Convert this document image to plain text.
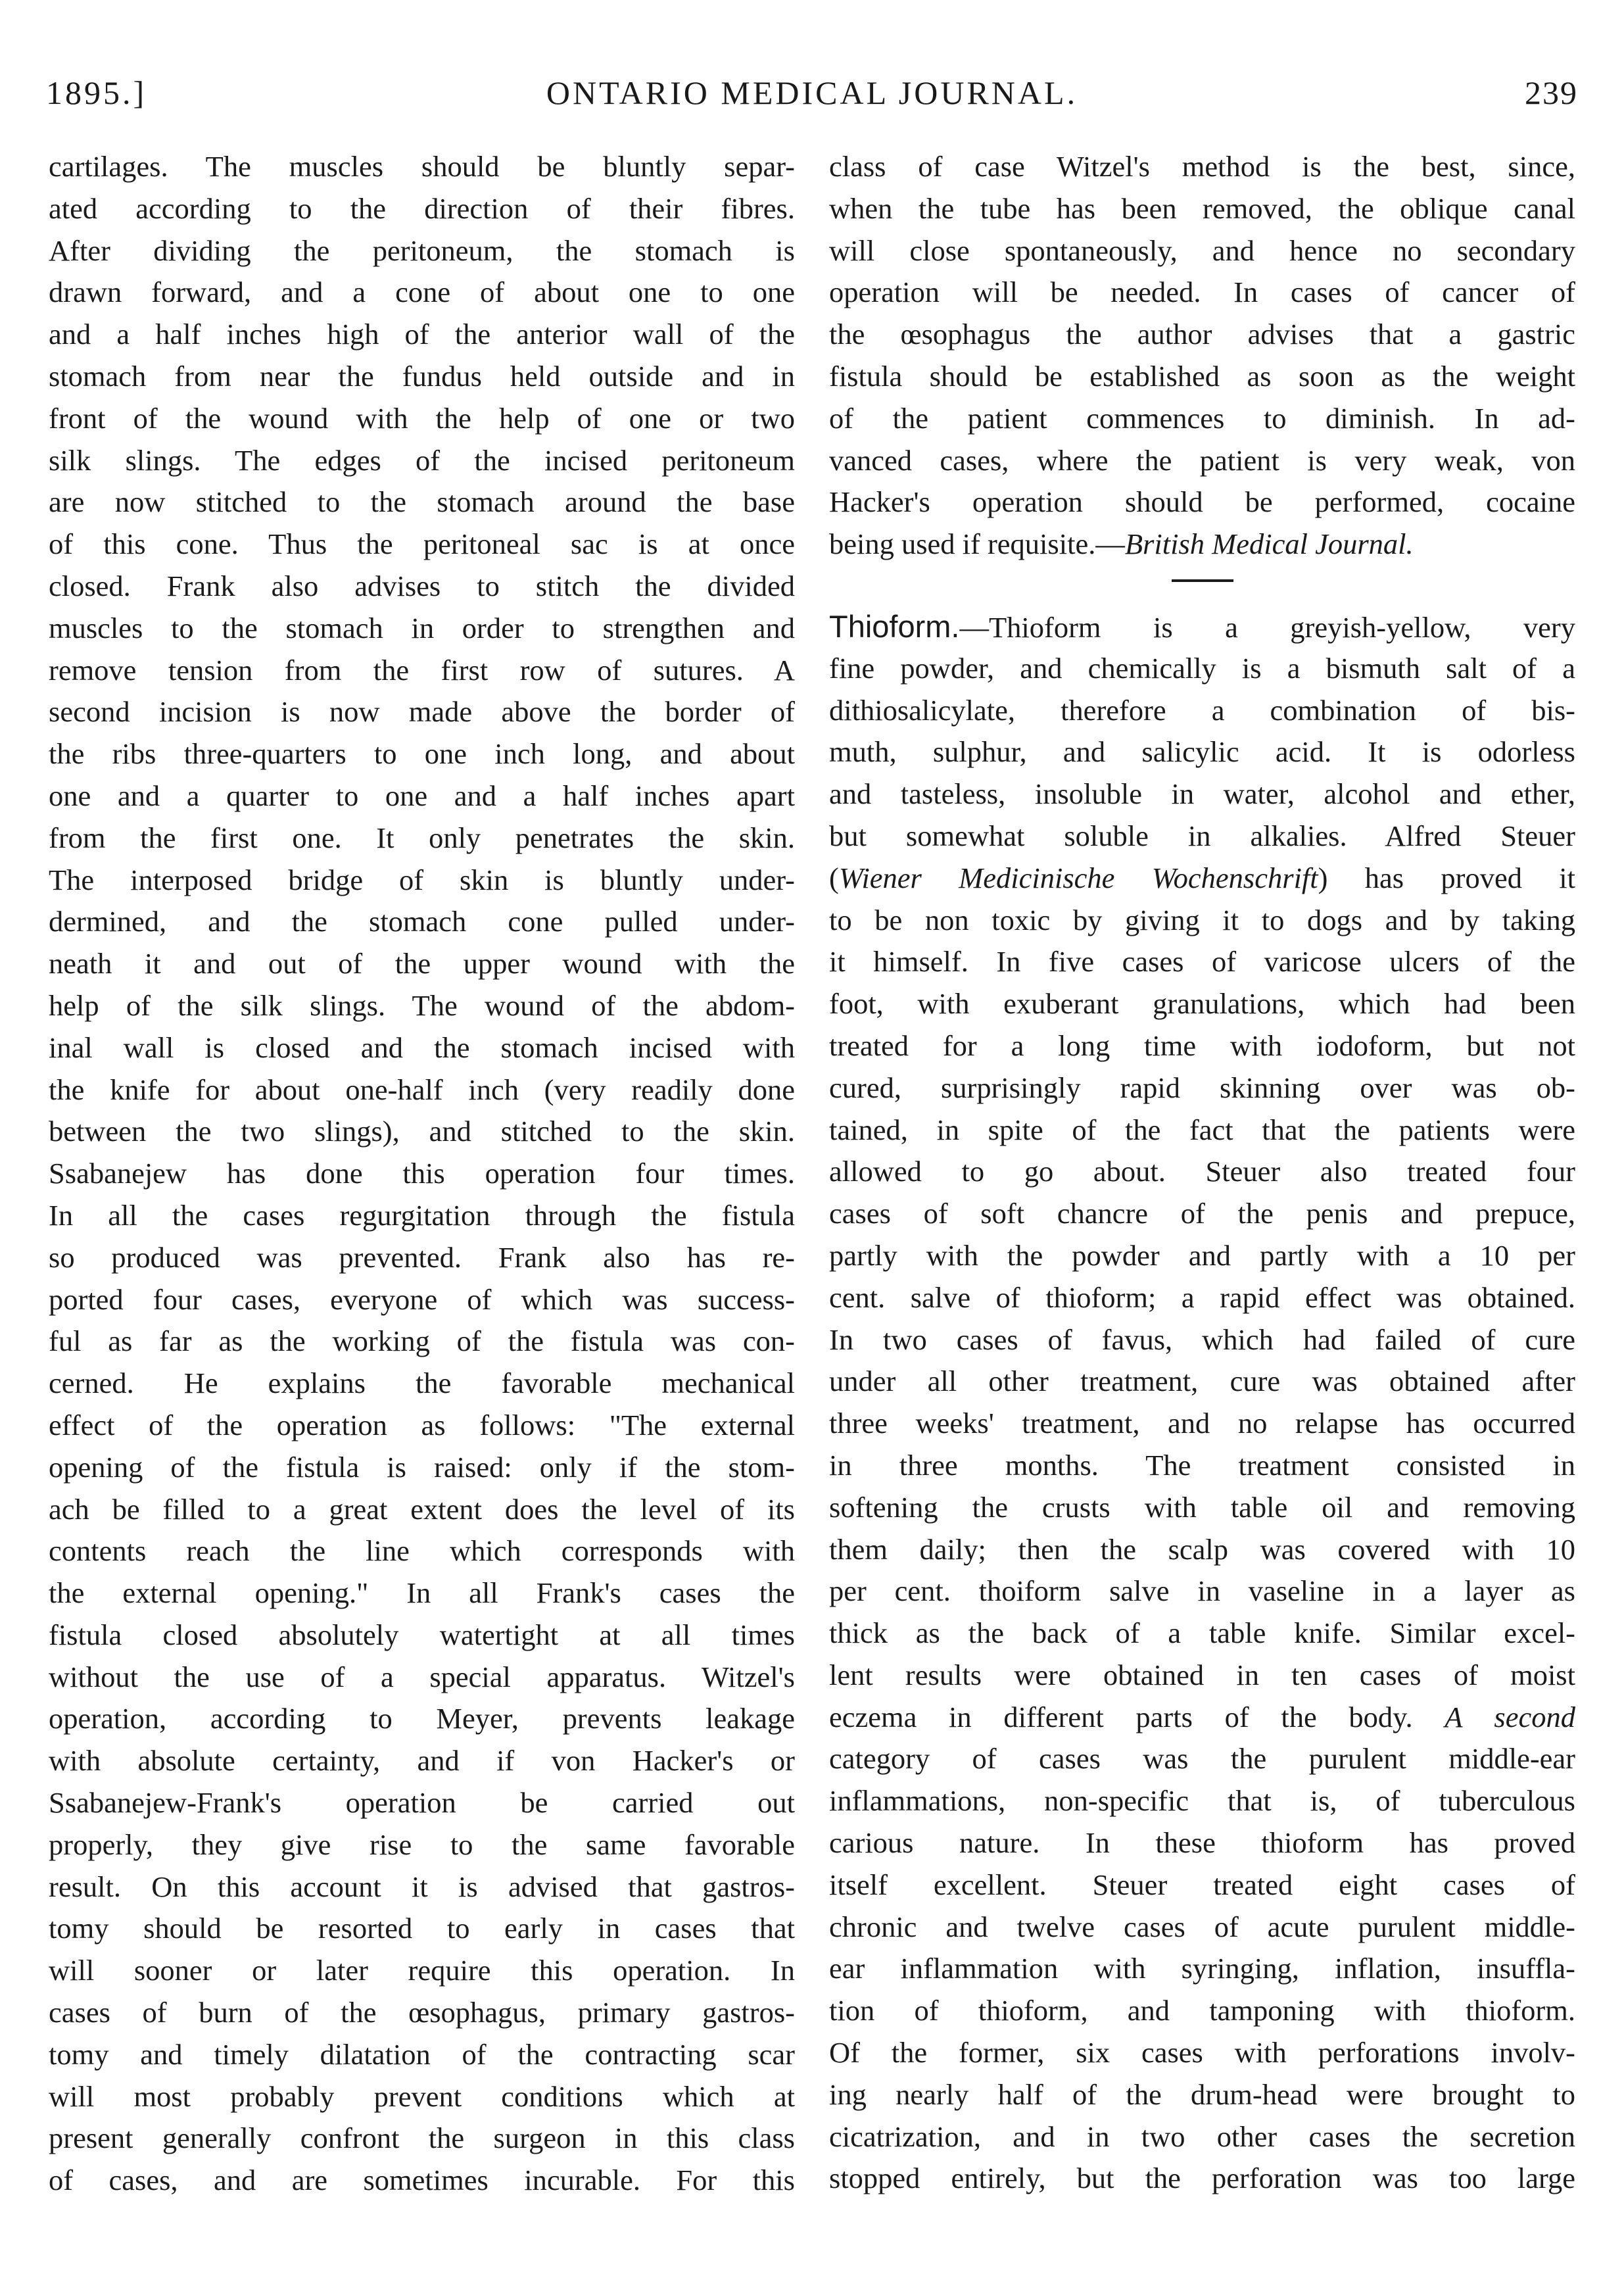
1895.]	ONTARIO MEDICAL JOURNAL.	239
cartilages. The muscles should be bluntly separ-
ated according to the direction of their fibres.
After dividing the peritoneum, the stomach is
drawn forward, and a cone of about one to one
and a half inches high of the anterior wall of the
stomach from near the fundus held outside and in
front of the wound with the help of one or two
silk slings. The edges of the incised peritoneum
are now stitched to the stomach around the base
of this cone. Thus the peritoneal sac is at once
closed. Frank also advises to stitch the divided
muscles to the stomach in order to strengthen and
remove tension from the first row of sutures. A
second incision is now made above the border of
the ribs three-quarters to one inch long, and about
one and a quarter to one and a half inches apart
from the first one. It only penetrates the skin.
The interposed bridge of skin is bluntly under-
dermined, and the stomach cone pulled under-
neath it and out of the upper wound with the
help of the silk slings. The wound of the abdom-
inal wall is closed and the stomach incised with
the knife for about one-half inch (very readily done
between the two slings), and stitched to the skin.
Ssabanejew has done this operation four times.
In all the cases regurgitation through the fistula
so produced was prevented. Frank also has re-
ported four cases, everyone of which was success-
ful as far as the working of the fistula was con-
cerned. He explains the favorable mechanical
effect of the operation as follows: "The external
opening of the fistula is raised: only if the stom-
ach be filled to a great extent does the level of its
contents reach the line which corresponds with
the external opening." In all Frank's cases the
fistula closed absolutely watertight at all times
without the use of a special apparatus. Witzel's
operation, according to Meyer, prevents leakage
with absolute certainty, and if von Hacker's or
Ssabanejew-Frank's operation be carried out
properly, they give rise to the same favorable
result. On this account it is advised that gastros-
tomy should be resorted to early in cases that
will sooner or later require this operation. In
cases of burn of the œsophagus, primary gastros-
tomy and timely dilatation of the contracting scar
will most probably prevent conditions which at
present generally confront the surgeon in this class
of cases, and are sometimes incurable. For this
class of case Witzel's method is the best, since,
when the tube has been removed, the oblique canal
will close spontaneously, and hence no secondary
operation will be needed. In cases of cancer of
the œsophagus the author advises that a gastric
fistula should be established as soon as the weight
of the patient commences to diminish. In ad-
vanced cases, where the patient is very weak, von
Hacker's operation should be performed, cocaine
being used if requisite.—British Medical Journal.
Thioform.—Thioform is a greyish-yellow, very
fine powder, and chemically is a bismuth salt of a
dithiosalicylate, therefore a combination of bis-
muth, sulphur, and salicylic acid. It is odorless
and tasteless, insoluble in water, alcohol and ether,
but somewhat soluble in alkalies. Alfred Steuer
(Wiener Medicinische Wochenschrift) has proved it
to be non toxic by giving it to dogs and by taking
it himself. In five cases of varicose ulcers of the
foot, with exuberant granulations, which had been
treated for a long time with iodoform, but not
cured, surprisingly rapid skinning over was ob-
tained, in spite of the fact that the patients were
allowed to go about. Steuer also treated four
cases of soft chancre of the penis and prepuce,
partly with the powder and partly with a 10 per
cent. salve of thioform; a rapid effect was obtained.
In two cases of favus, which had failed of cure
under all other treatment, cure was obtained after
three weeks' treatment, and no relapse has occurred
in three months. The treatment consisted in
softening the crusts with table oil and removing
them daily; then the scalp was covered with 10
per cent. thoiform salve in vaseline in a layer as
thick as the back of a table knife. Similar excel-
lent results were obtained in ten cases of moist
eczema in different parts of the body. A second
category of cases was the purulent middle-ear
inflammations, non-specific that is, of tuberculous
carious nature. In these thioform has proved
itself excellent. Steuer treated eight cases of
chronic and twelve cases of acute purulent middle-
ear inflammation with syringing, inflation, insuffla-
tion of thioform, and tamponing with thioform.
Of the former, six cases with perforations involv-
ing nearly half of the drum-head were brought to
cicatrization, and in two other cases the secretion
stopped entirely, but the perforation was too large
